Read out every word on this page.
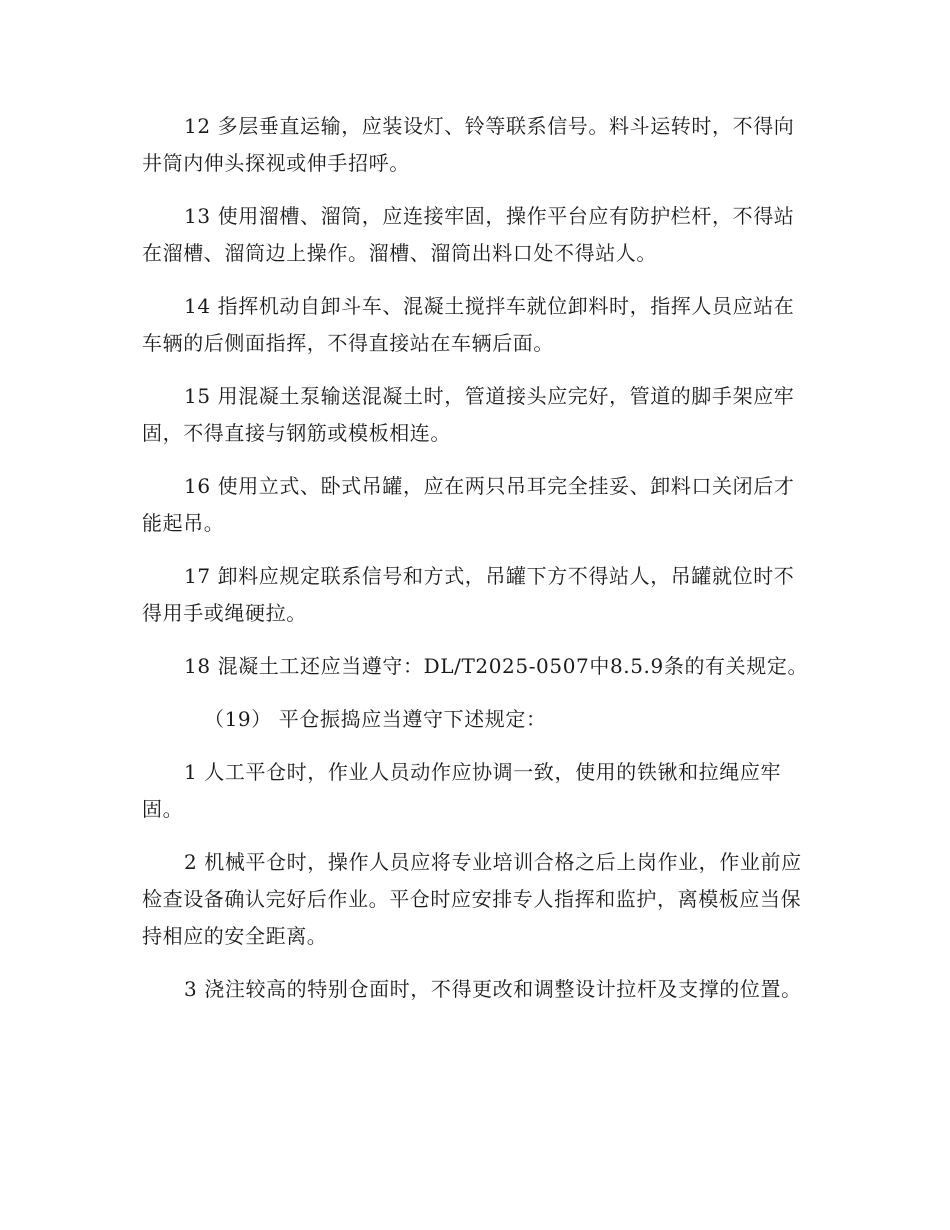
12 多层垂直运输，应装设灯、铃等联系信号。料斗运转时，不得向井筒内伸头探视或伸手招呼。

13 使用溜槽、溜筒，应连接牢固，操作平台应有防护栏杆，不得站在溜槽、溜筒边上操作。溜槽、溜筒出料口处不得站人。

14 指挥机动自卸斗车、混凝土搅拌车就位卸料时，指挥人员应站在车辆的后侧面指挥，不得直接站在车辆后面。

15 用混凝土泵输送混凝土时，管道接头应完好，管道的脚手架应牢固，不得直接与钢筋或模板相连。

16 使用立式、卧式吊罐，应在两只吊耳完全挂妥、卸料口关闭后才能起吊。

17 卸料应规定联系信号和方式，吊罐下方不得站人，吊罐就位时不得用手或绳硬拉。

18 混凝土工还应当遵守：DL/T2025-0507中8.5.9条的有关规定。

（19） 平仓振捣应当遵守下述规定：

1 人工平仓时，作业人员动作应协调一致，使用的铁锹和拉绳应牢固。

2 机械平仓时，操作人员应将专业培训合格之后上岗作业，作业前应检查设备确认完好后作业。平仓时应安排专人指挥和监护，离模板应当保持相应的安全距离。

3 浇注较高的特别仓面时，不得更改和调整设计拉杆及支撑的位置。
